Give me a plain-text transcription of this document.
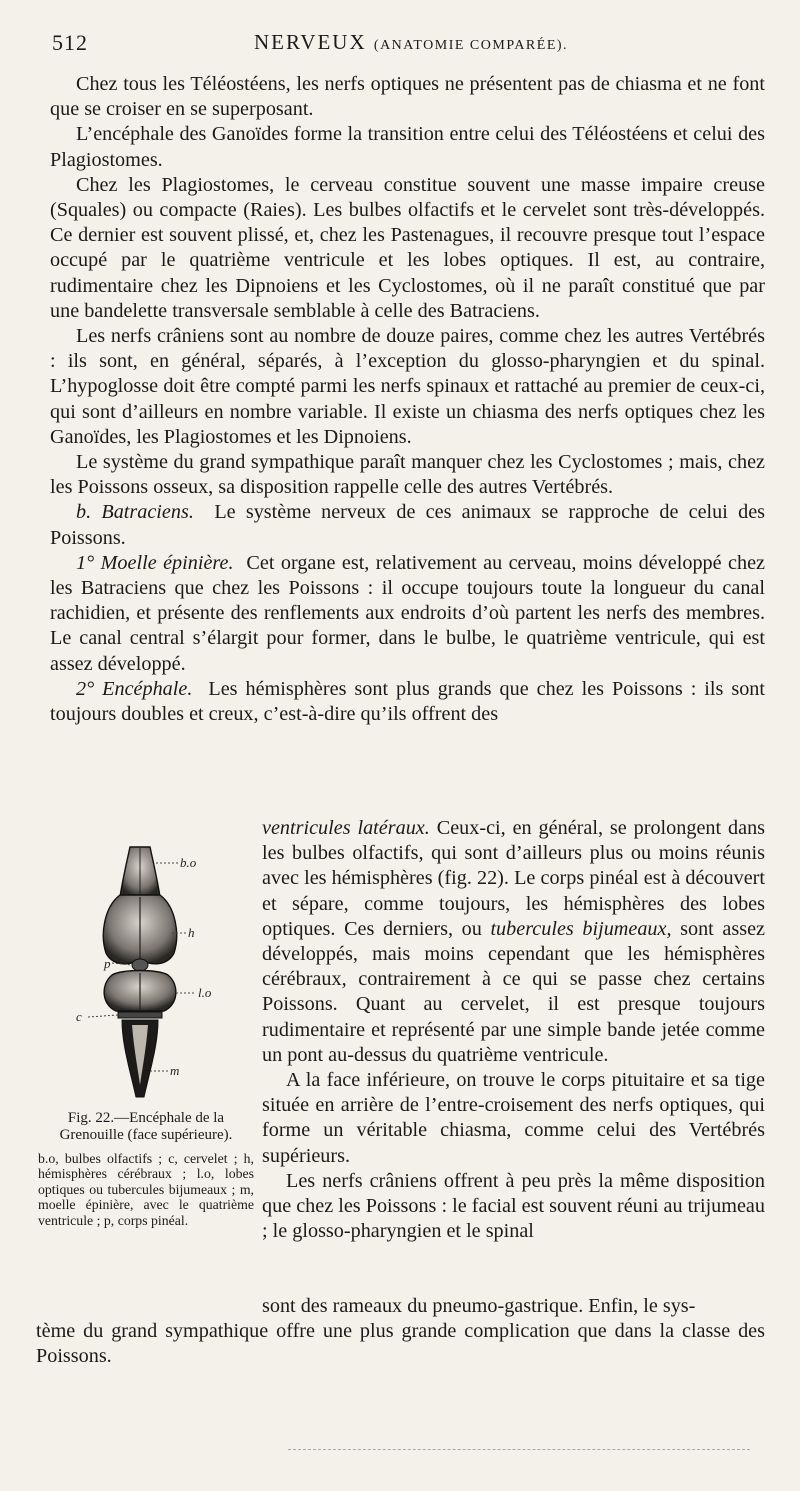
512	NERVEUX (ANATOMIE COMPARÉE).

Chez tous les Téléostéens, les nerfs optiques ne présentent pas de chiasma et ne font que se croiser en se superposant.

L’encéphale des Ganoïdes forme la transition entre celui des Téléostéens et celui des Plagiostomes.

Chez les Plagiostomes, le cerveau constitue souvent une masse impaire creuse (Squales) ou compacte (Raies). Les bulbes olfactifs et le cervelet sont très-développés. Ce dernier est souvent plissé, et, chez les Pastenagues, il recouvre presque tout l’espace occupé par le quatrième ventricule et les lobes optiques. Il est, au contraire, rudimentaire chez les Dipnoiens et les Cyclostomes, où il ne paraît constitué que par une bandelette transversale semblable à celle des Batraciens.

Les nerfs crâniens sont au nombre de douze paires, comme chez les autres Vertébrés : ils sont, en général, séparés, à l’exception du glosso-pharyngien et du spinal. L’hypoglosse doit être compté parmi les nerfs spinaux et rattaché au premier de ceux-ci, qui sont d’ailleurs en nombre variable. Il existe un chiasma des nerfs optiques chez les Ganoïdes, les Plagiostomes et les Dipnoiens.

Le système du grand sympathique paraît manquer chez les Cyclostomes ; mais, chez les Poissons osseux, sa disposition rappelle celle des autres Vertébrés.

b. Batraciens. Le système nerveux de ces animaux se rapproche de celui des Poissons.

1° Moelle épinière. Cet organe est, relativement au cerveau, moins développé chez les Batraciens que chez les Poissons : il occupe toujours toute la longueur du canal rachidien, et présente des renflements aux endroits d’où partent les nerfs des membres. Le canal central s’élargit pour former, dans le bulbe, le quatrième ventricule, qui est assez développé.

2° Encéphale. Les hémisphères sont plus grands que chez les Poissons : ils sont toujours doubles et creux, c’est-à-dire qu’ils offrent des

ventricules latéraux. Ceux-ci, en général, se prolongent dans les bulbes olfactifs, qui sont d’ailleurs plus ou moins réunis avec les hémisphères (fig. 22). Le corps pinéal est à découvert et sépare, comme toujours, les hémisphères des lobes optiques. Ces derniers, ou tubercules bijumeaux, sont assez développés, mais moins cependant que les hémisphères cérébraux, contrairement à ce qui se passe chez certains Poissons. Quant au cervelet, il est presque toujours rudimentaire et représenté par une simple bande jetée comme un pont au-dessus du quatrième ventricule.

A la face inférieure, on trouve le corps pituitaire et sa tige située en arrière de l’entre-croisement des nerfs optiques, qui forme un véritable chiasma, comme celui des Vertébrés supérieurs.

Les nerfs crâniens offrent à peu près la même disposition que chez les Poissons : le facial est souvent réuni au trijumeau ; le glosso-pharyngien et le spinal

sont des rameaux du pneumo-gastrique. Enfin, le sys-

tème du grand sympathique offre une plus grande complication que dans la classe des Poissons.

b.o
h
p
l.o
c
m
Fig. 22.—Encéphale de la Grenouille (face supérieure).
b.o, bulbes olfactifs ; c, cervelet ; h, hémisphères cérébraux ; l.o, lobes optiques ou tubercules bijumeaux ; m, moelle épinière, avec le quatrième ventricule ; p, corps pinéal.
